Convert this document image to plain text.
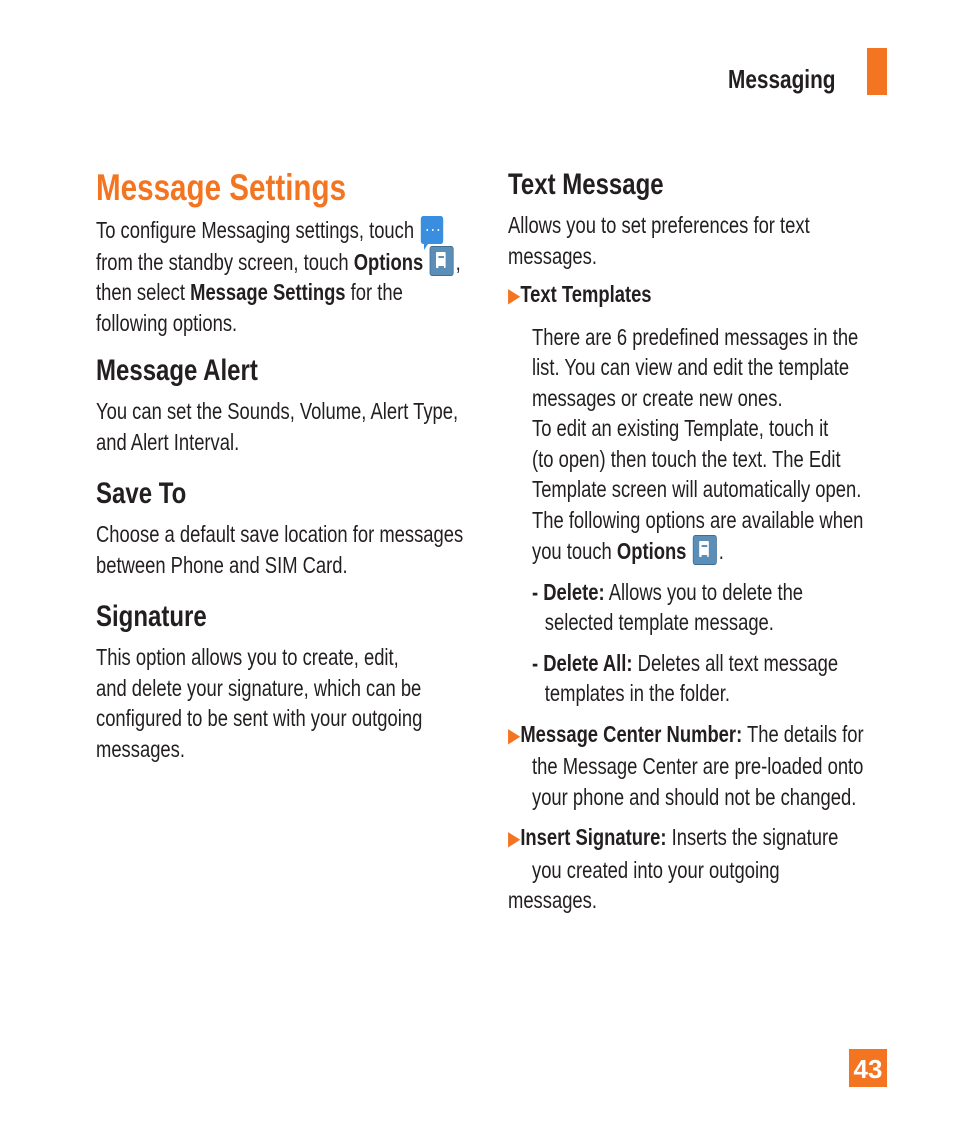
Messaging

Message Settings

To configure Messaging settings, touch ···
from the standby screen, touch Options ,
then select Message Settings for the
following options.

Message Alert

You can set the Sounds, Volume, Alert Type,
and Alert Interval.

Save To

Choose a default save location for messages
between Phone and SIM Card.

Signature

This option allows you to create, edit,
and delete your signature, which can be
configured to be sent with your outgoing
messages.

Text Message

Allows you to set preferences for text
messages.

▶Text Templates

There are 6 predefined messages in the
list. You can view and edit the template
messages or create new ones.
To edit an existing Template, touch it
(to open) then touch the text. The Edit
Template screen will automatically open.
The following options are available when
you touch Options .

- Delete: Allows you to delete the
selected template message.

- Delete All: Deletes all text message
templates in the folder.

▶Message Center Number: The details for
the Message Center are pre-loaded onto
your phone and should not be changed.

▶Insert Signature: Inserts the signature
you created into your outgoing messages.

43
